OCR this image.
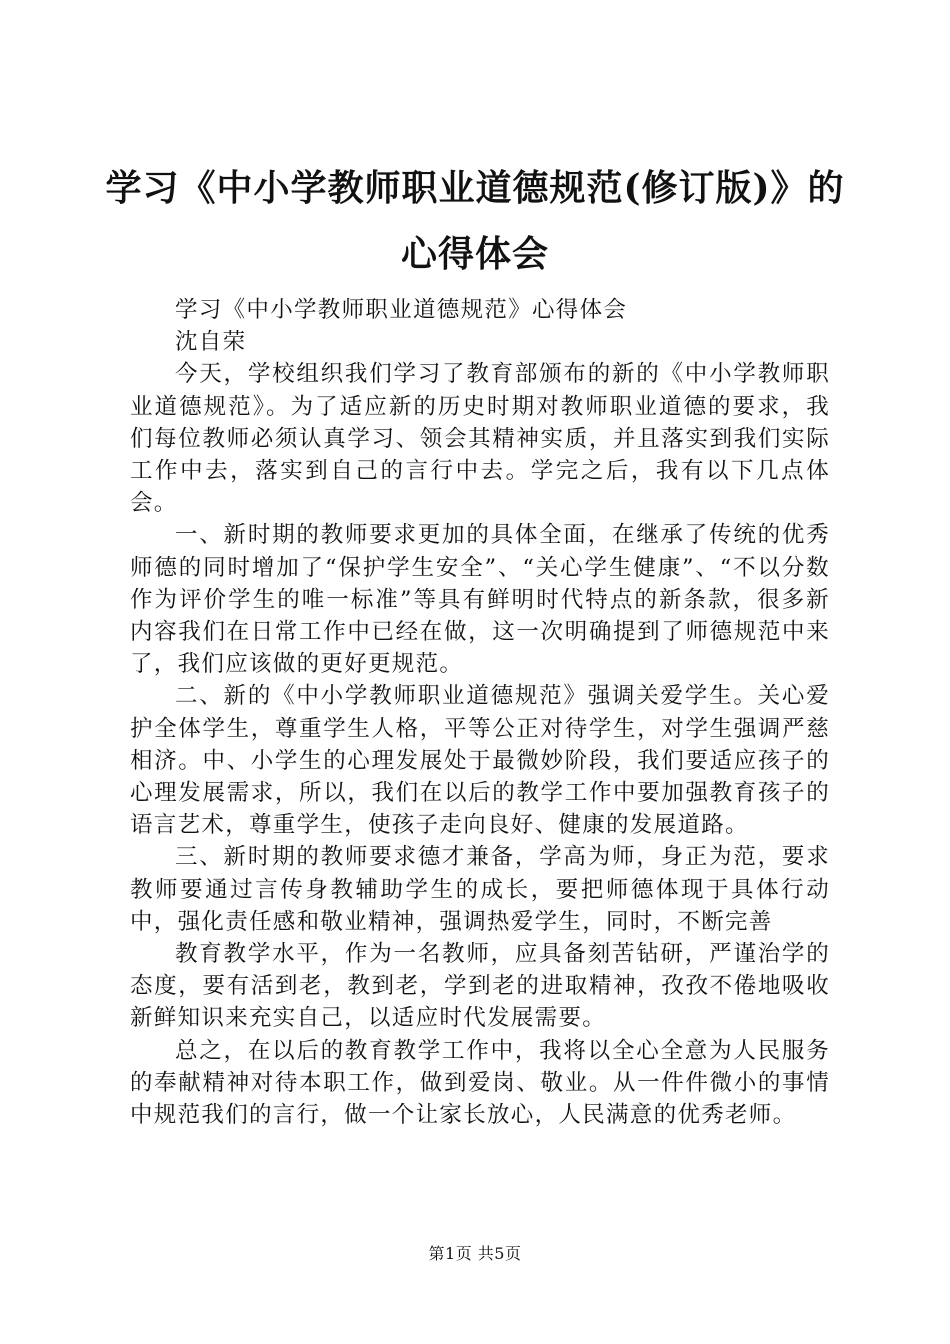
学习《中小学教师职业道德规范(修订版)》的
心得体会

学习《中小学教师职业道德规范》心得体会

沈自荣

今天，学校组织我们学习了教育部颁布的新的《中小学教师职业道德规范》。为了适应新的历史时期对教师职业道德的要求，我们每位教师必须认真学习、领会其精神实质，并且落实到我们实际工作中去，落实到自己的言行中去。学完之后，我有以下几点体会。

一、新时期的教师要求更加的具体全面，在继承了传统的优秀师德的同时增加了“保护学生安全”、“关心学生健康”、“不以分数作为评价学生的唯一标准”等具有鲜明时代特点的新条款，很多新内容我们在日常工作中已经在做，这一次明确提到了师德规范中来了，我们应该做的更好更规范。

二、新的《中小学教师职业道德规范》强调关爱学生。关心爱护全体学生，尊重学生人格，平等公正对待学生，对学生强调严慈相济。中、小学生的心理发展处于最微妙阶段，我们要适应孩子的心理发展需求，所以，我们在以后的教学工作中要加强教育孩子的语言艺术，尊重学生，使孩子走向良好、健康的发展道路。

三、新时期的教师要求德才兼备，学高为师，身正为范，要求教师要通过言传身教辅助学生的成长，要把师德体现于具体行动中，强化责任感和敬业精神，强调热爱学生，同时，不断完善

教育教学水平，作为一名教师，应具备刻苦钻研，严谨治学的态度，要有活到老，教到老，学到老的进取精神，孜孜不倦地吸收新鲜知识来充实自己，以适应时代发展需要。

总之，在以后的教育教学工作中，我将以全心全意为人民服务的奉献精神对待本职工作，做到爱岗、敬业。从一件件微小的事情中规范我们的言行，做一个让家长放心，人民满意的优秀老师。

第1页 共5页
